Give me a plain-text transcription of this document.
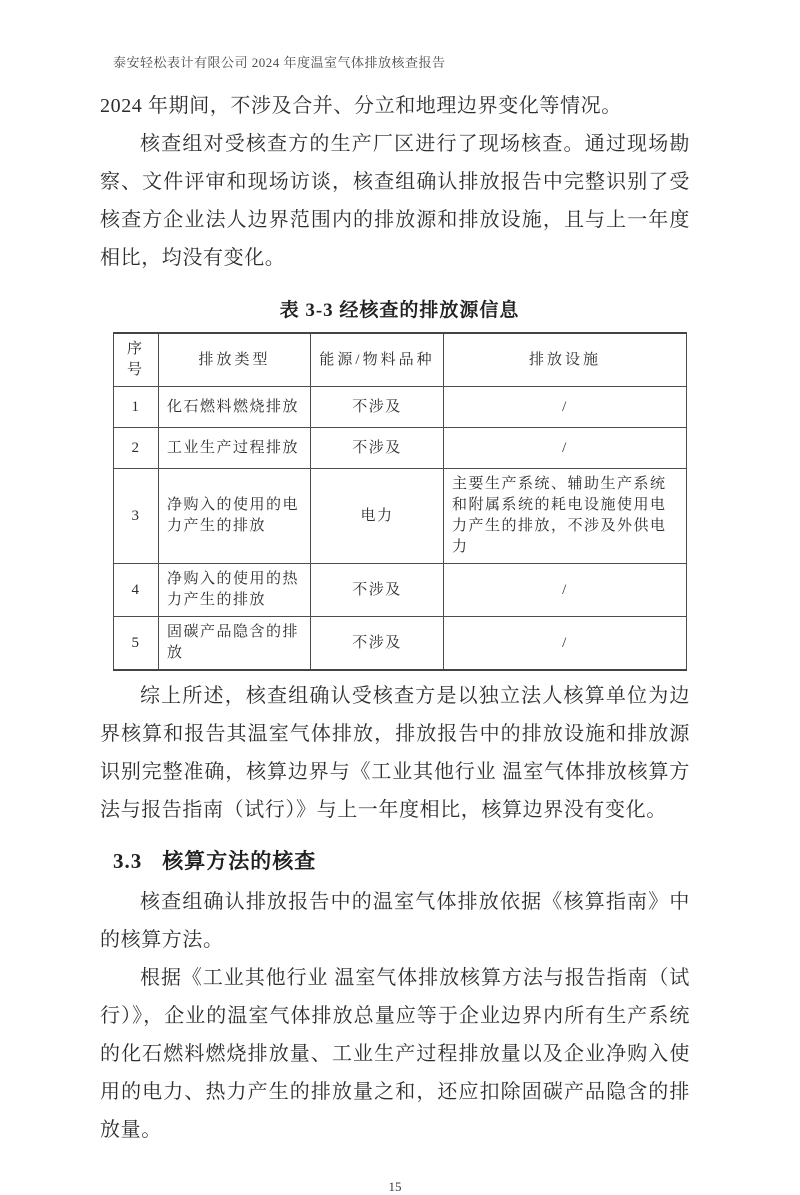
泰安轻松表计有限公司 2024 年度温室气体排放核查报告

2024 年期间，不涉及合并、分立和地理边界变化等情况。

核查组对受核查方的生产厂区进行了现场核查。通过现场勘察、文件评审和现场访谈，核查组确认排放报告中完整识别了受核查方企业法人边界范围内的排放源和排放设施，且与上一年度相比，均没有变化。

表 3-3 经核查的排放源信息
序号	排放类型	能源/物料品种	排放设施
1	化石燃料燃烧排放	不涉及	/
2	工业生产过程排放	不涉及	/
3	净购入的使用的电力产生的排放	电力	主要生产系统、辅助生产系统和附属系统的耗电设施使用电力产生的排放，不涉及外供电力
4	净购入的使用的热力产生的排放	不涉及	/
5	固碳产品隐含的排放	不涉及	/

综上所述，核查组确认受核查方是以独立法人核算单位为边界核算和报告其温室气体排放，排放报告中的排放设施和排放源识别完整准确，核算边界与《工业其他行业 温室气体排放核算方法与报告指南（试行）》与上一年度相比，核算边界没有变化。

3.3 核算方法的核查

核查组确认排放报告中的温室气体排放依据《核算指南》中的核算方法。

根据《工业其他行业 温室气体排放核算方法与报告指南（试行）》，企业的温室气体排放总量应等于企业边界内所有生产系统的化石燃料燃烧排放量、工业生产过程排放量以及企业净购入使用的电力、热力产生的排放量之和，还应扣除固碳产品隐含的排放量。

15
